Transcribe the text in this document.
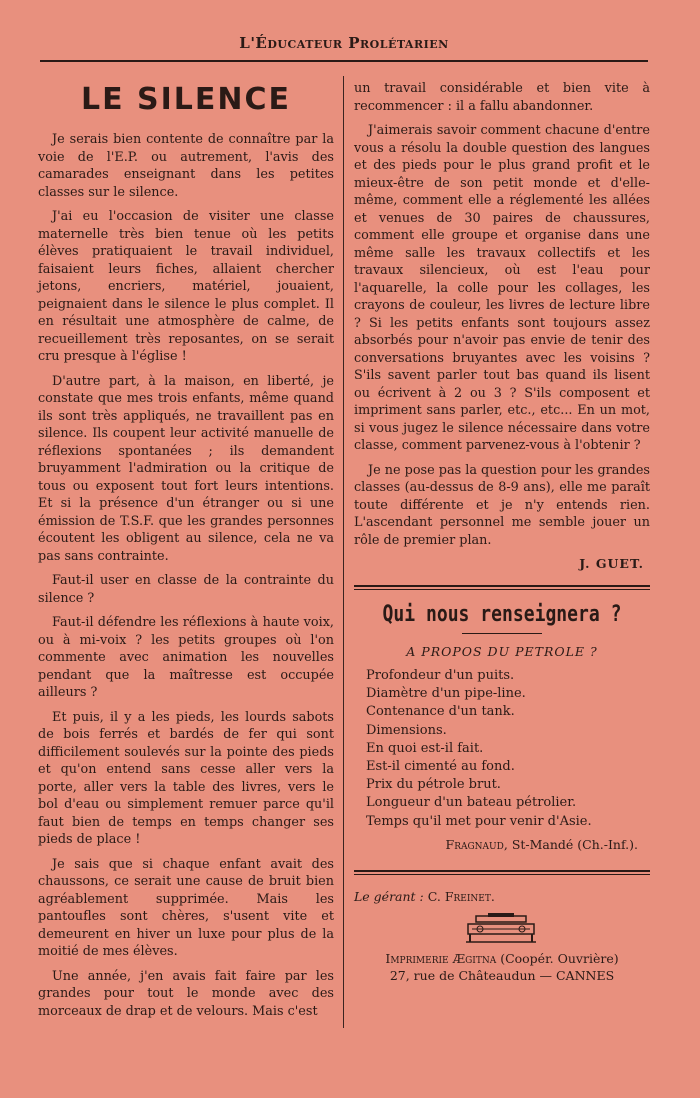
L'Éducateur Prolétarien
LE SILENCE

Je serais bien contente de connaître par la voie de l'E.P. ou autrement, l'avis des camarades enseignant dans les petites classes sur le silence.

J'ai eu l'occasion de visiter une classe maternelle très bien tenue où les petits élèves pratiquaient le travail individuel, faisaient leurs fiches, allaient chercher jetons, encriers, matériel, jouaient, peignaient dans le silence le plus complet. Il en résultait une atmosphère de calme, de recueillement très reposantes, on se serait cru presque à l'église !

D'autre part, à la maison, en liberté, je constate que mes trois enfants, même quand ils sont très appliqués, ne travaillent pas en silence. Ils coupent leur activité manuelle de réflexions spontanées ; ils demandent bruyamment l'admiration ou la critique de tous ou exposent tout fort leurs intentions. Et si la présence d'un étranger ou si une émission de T.S.F. que les grandes personnes écoutent les obligent au silence, cela ne va pas sans contrainte.

Faut-il user en classe de la contrainte du silence ?

Faut-il défendre les réflexions à haute voix, ou à mi-voix ? les petits groupes où l'on commente avec animation les nouvelles pendant que la maîtresse est occupée ailleurs ?

Et puis, il y a les pieds, les lourds sabots de bois ferrés et bardés de fer qui sont difficilement soulevés sur la pointe des pieds et qu'on entend sans cesse aller vers la porte, aller vers la table des livres, vers le bol d'eau ou simplement remuer parce qu'il faut bien de temps en temps changer ses pieds de place !

Je sais que si chaque enfant avait des chaussons, ce serait une cause de bruit bien agréablement supprimée. Mais les pantoufles sont chères, s'usent vite et demeurent en hiver un luxe pour plus de la moitié de mes élèves.

Une année, j'en avais fait faire par les grandes pour tout le monde avec des morceaux de drap et de velours. Mais c'est

un travail considérable et bien vite à recommencer : il a fallu abandonner.

J'aimerais savoir comment chacune d'entre vous a résolu la double question des langues et des pieds pour le plus grand profit et le mieux-être de son petit monde et d'elle-même, comment elle a réglementé les allées et venues de 30 paires de chaussures, comment elle groupe et organise dans une même salle les travaux collectifs et les travaux silencieux, où est l'eau pour l'aquarelle, la colle pour les collages, les crayons de couleur, les livres de lecture libre ? Si les petits enfants sont toujours assez absorbés pour n'avoir pas envie de tenir des conversations bruyantes avec les voisins ? S'ils savent parler tout bas quand ils lisent ou écrivent à 2 ou 3 ? S'ils composent et impriment sans parler, etc., etc... En un mot, si vous jugez le silence nécessaire dans votre classe, comment parvenez-vous à l'obtenir ?

Je ne pose pas la question pour les grandes classes (au-dessus de 8-9 ans), elle me paraît toute différente et je n'y entends rien. L'ascendant personnel me semble jouer un rôle de premier plan.

J. GUET.
Qui nous renseignera ?
A PROPOS DU PETROLE ?
Profondeur d'un puits.
Diamètre d'un pipe-line.
Contenance d'un tank.
Dimensions.
En quoi est-il fait.
Est-il cimenté au fond.
Prix du pétrole brut.
Longueur d'un bateau pétrolier.
Temps qu'il met pour venir d'Asie.
Fragnaud, St-Mandé (Ch.-Inf.).
Le gérant : C. Freinet.
Imprimerie Ægitna (Coopér. Ouvrière)
27, rue de Châteaudun — CANNES
